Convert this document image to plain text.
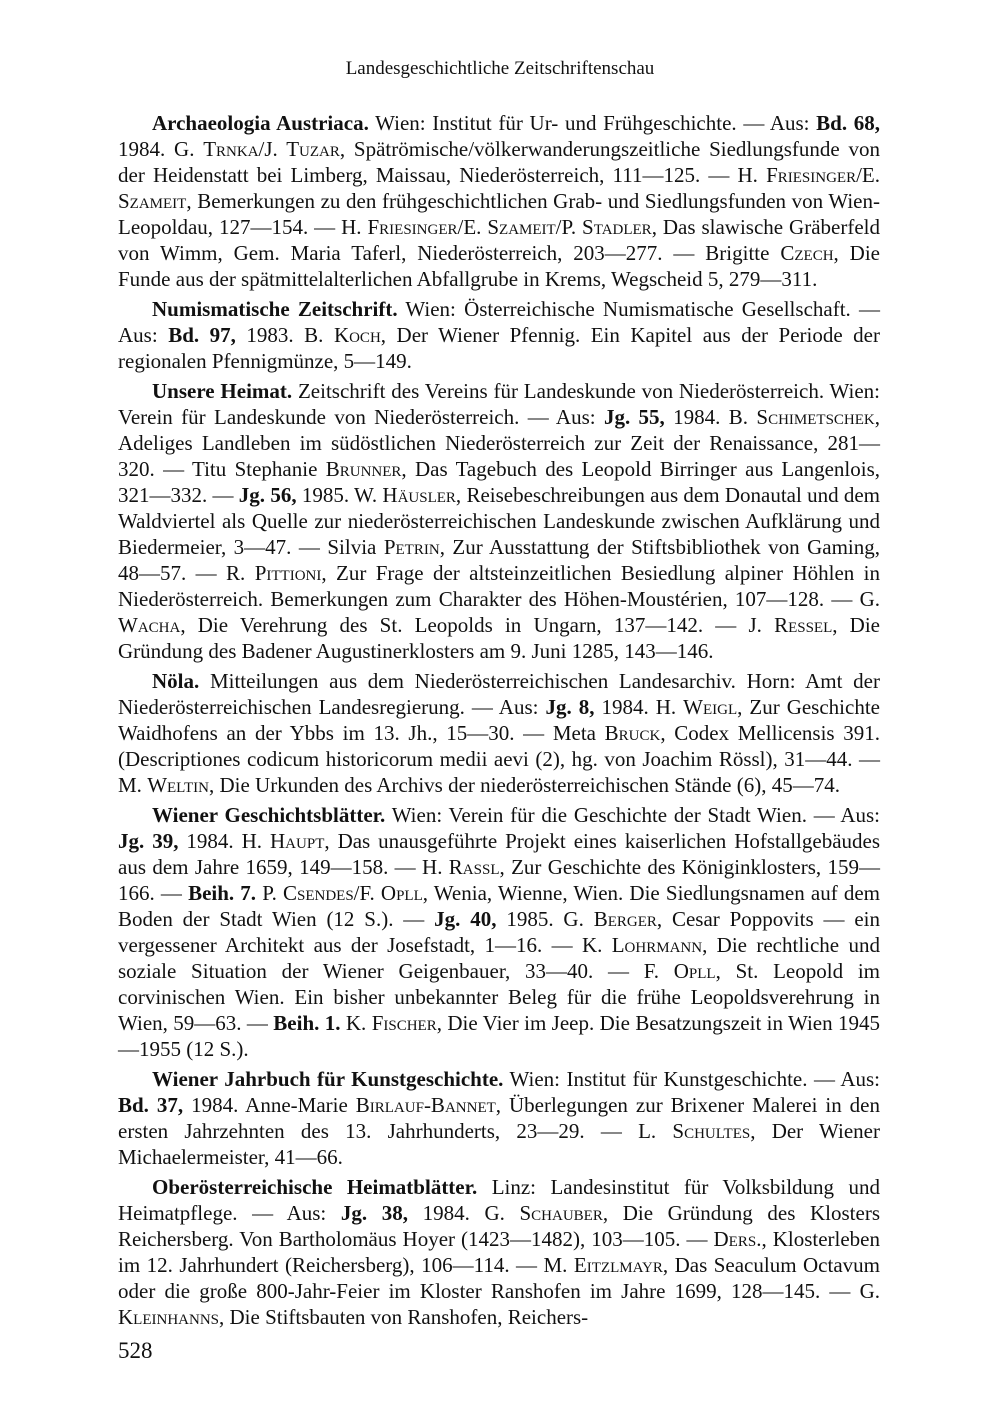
Landesgeschichtliche Zeitschriftenschau

Archaeologia Austriaca. Wien: Institut für Ur- und Frühgeschichte. — Aus: Bd. 68, 1984. G. Trnka/J. Tuzar, Spätrömische/völkerwanderungszeitliche Siedlungsfunde von der Heidenstatt bei Limberg, Maissau, Niederösterreich, 111—125. — H. Friesinger/E. Szameit, Bemerkungen zu den frühgeschichtlichen Grab- und Siedlungsfunden von Wien-Leopoldau, 127—154. — H. Friesinger/E. Szameit/P. Stadler, Das slawische Gräberfeld von Wimm, Gem. Maria Taferl, Niederösterreich, 203—277. — Brigitte Czech, Die Funde aus der spätmittelalterlichen Abfallgrube in Krems, Wegscheid 5, 279—311.

Numismatische Zeitschrift. Wien: Österreichische Numismatische Gesellschaft. — Aus: Bd. 97, 1983. B. Koch, Der Wiener Pfennig. Ein Kapitel aus der Periode der regionalen Pfennigmünze, 5—149.

Unsere Heimat. Zeitschrift des Vereins für Landeskunde von Niederösterreich. Wien: Verein für Landeskunde von Niederösterreich. — Aus: Jg. 55, 1984. B. Schimetschek, Adeliges Landleben im südöstlichen Niederösterreich zur Zeit der Renaissance, 281—320. — Titu Stephanie Brunner, Das Tagebuch des Leopold Birringer aus Langenlois, 321—332. — Jg. 56, 1985. W. Häusler, Reisebeschreibungen aus dem Donautal und dem Waldviertel als Quelle zur niederösterreichischen Landeskunde zwischen Aufklärung und Biedermeier, 3—47. — Silvia Petrin, Zur Ausstattung der Stiftsbibliothek von Gaming, 48—57. — R. Pittioni, Zur Frage der altsteinzeitlichen Besiedlung alpiner Höhlen in Niederösterreich. Bemerkungen zum Charakter des Höhen-Moustérien, 107—128. — G. Wacha, Die Verehrung des St. Leopolds in Ungarn, 137—142. — J. Ressel, Die Gründung des Badener Augustinerklosters am 9. Juni 1285, 143—146.

Nöla. Mitteilungen aus dem Niederösterreichischen Landesarchiv. Horn: Amt der Niederösterreichischen Landesregierung. — Aus: Jg. 8, 1984. H. Weigl, Zur Geschichte Waidhofens an der Ybbs im 13. Jh., 15—30. — Meta Bruck, Codex Mellicensis 391. (Descriptiones codicum historicorum medii aevi (2), hg. von Joachim Rössl), 31—44. — M. Weltin, Die Urkunden des Archivs der niederösterreichischen Stände (6), 45—74.

Wiener Geschichtsblätter. Wien: Verein für die Geschichte der Stadt Wien. — Aus: Jg. 39, 1984. H. Haupt, Das unausgeführte Projekt eines kaiserlichen Hofstallgebäudes aus dem Jahre 1659, 149—158. — H. Rassl, Zur Geschichte des Königinklosters, 159—166. — Beih. 7. P. Csendes/F. Opll, Wenia, Wienne, Wien. Die Siedlungsnamen auf dem Boden der Stadt Wien (12 S.). — Jg. 40, 1985. G. Berger, Cesar Poppovits — ein vergessener Architekt aus der Josefstadt, 1—16. — K. Lohrmann, Die rechtliche und soziale Situation der Wiener Geigenbauer, 33—40. — F. Opll, St. Leopold im corvinischen Wien. Ein bisher unbekannter Beleg für die frühe Leopoldsverehrung in Wien, 59—63. — Beih. 1. K. Fischer, Die Vier im Jeep. Die Besatzungszeit in Wien 1945—1955 (12 S.).

Wiener Jahrbuch für Kunstgeschichte. Wien: Institut für Kunstgeschichte. — Aus: Bd. 37, 1984. Anne-Marie Birlauf-Bannet, Überlegungen zur Brixener Malerei in den ersten Jahrzehnten des 13. Jahrhunderts, 23—29. — L. Schultes, Der Wiener Michaelermeister, 41—66.

Oberösterreichische Heimatblätter. Linz: Landesinstitut für Volksbildung und Heimatpflege. — Aus: Jg. 38, 1984. G. Schauber, Die Gründung des Klosters Reichersberg. Von Bartholomäus Hoyer (1423—1482), 103—105. — Ders., Klosterleben im 12. Jahrhundert (Reichersberg), 106—114. — M. Eitzlmayr, Das Seaculum Octavum oder die große 800-Jahr-Feier im Kloster Ranshofen im Jahre 1699, 128—145. — G. Kleinhanns, Die Stiftsbauten von Ranshofen, Reichers-

528
